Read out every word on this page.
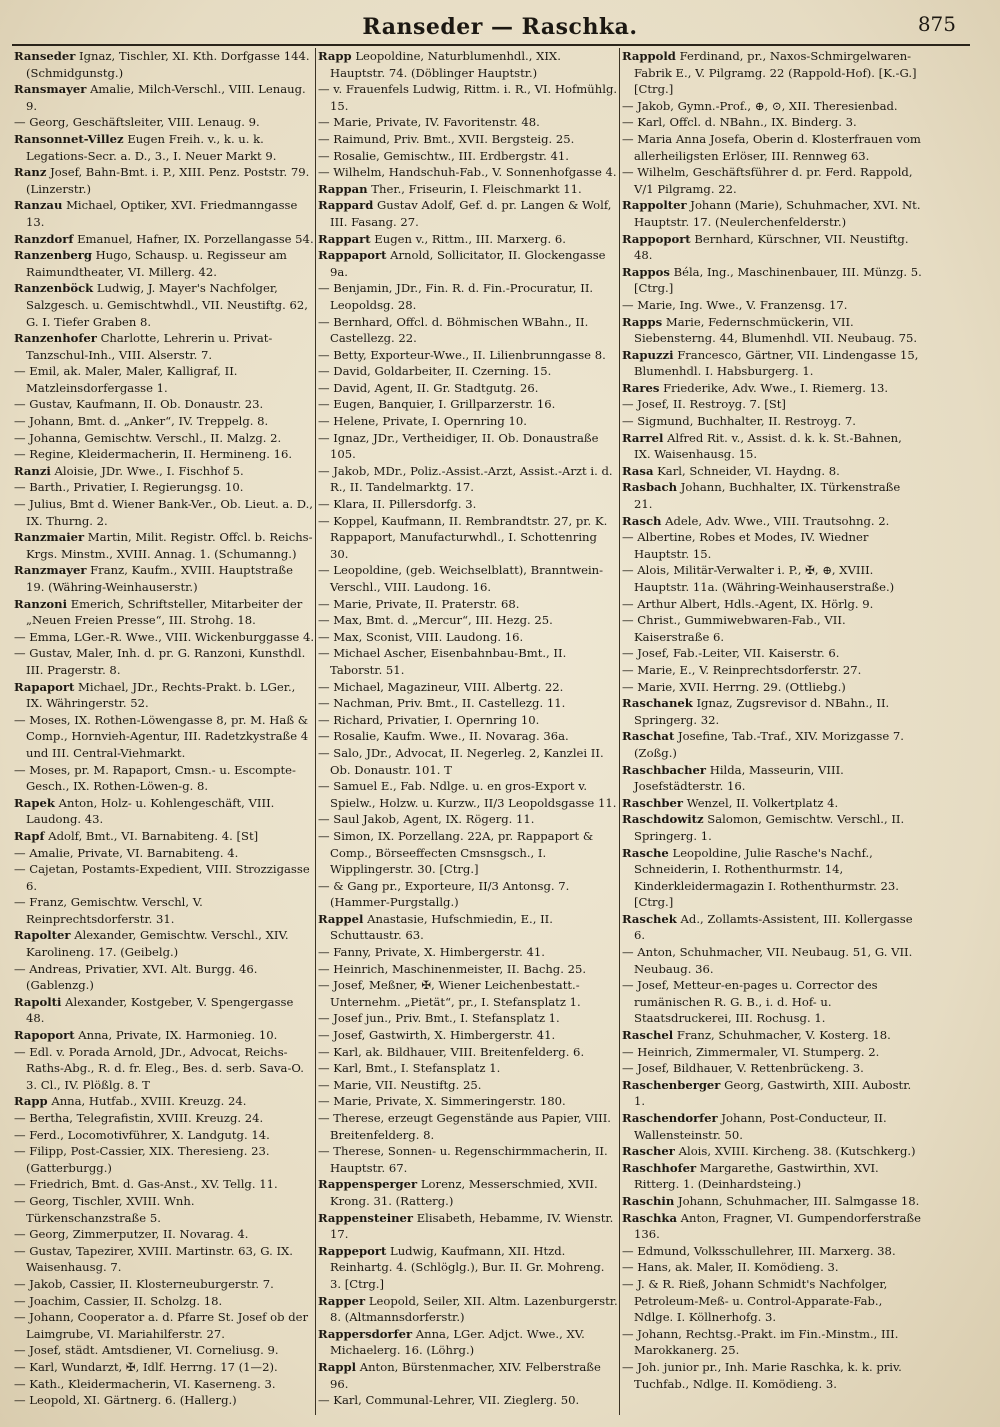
Ranseder — Raschka.	875
Ranseder Ignaz, Tischler, XI. Kth. Dorfgasse 144. (Schmidgunstg.)
Ransmayer Amalie, Milch-Verschl., VIII. Lenaug. 9.
— Georg, Geschäftsleiter, VIII. Lenaug. 9.
Ransonnet-Villez Eugen Freih. v., k. u. k. Legations-Secr. a. D., 3., I. Neuer Markt 9.
Ranz Josef, Bahn-Bmt. i. P., XIII. Penz. Poststr. 79. (Linzerstr.)
Ranzau Michael, Optiker, XVI. Friedmanngasse 13.
Ranzdorf Emanuel, Hafner, IX. Porzellangasse 54.
Ranzenberg Hugo, Schausp. u. Regisseur am Raimundtheater, VI. Millerg. 42.
Ranzenböck Ludwig, J. Mayer's Nachfolger, Salzgesch. u. Gemischtwhdl., VII. Neustiftg. 62, G. I. Tiefer Graben 8.
Ranzenhofer Charlotte, Lehrerin u. Privat-Tanzschul-Inh., VIII. Alserstr. 7.
— Emil, ak. Maler, Maler, Kalligraf, II. Matzleinsdorfergasse 1.
— Gustav, Kaufmann, II. Ob. Donaustr. 23.
— Johann, Bmt. d. „Anker“, IV. Treppelg. 8.
— Johanna, Gemischtw. Verschl., II. Malzg. 2.
— Regine, Kleidermacherin, II. Hermineng. 16.
Ranzi Aloisie, JDr. Wwe., I. Fischhof 5.
— Barth., Privatier, I. Regierungsg. 10.
— Julius, Bmt d. Wiener Bank-Ver., Ob. Lieut. a. D., IX. Thurng. 2.
Ranzmaier Martin, Milit. Registr. Offcl. b. Reichs-Krgs. Minstm., XVIII. Annag. 1. (Schumanng.)
Ranzmayer Franz, Kaufm., XVIII. Hauptstraße 19. (Währing-Weinhauserstr.)
Ranzoni Emerich, Schriftsteller, Mitarbeiter der „Neuen Freien Presse“, III. Strohg. 18.
— Emma, LGer.-R. Wwe., VIII. Wickenburggasse 4.
— Gustav, Maler, Inh. d. pr. G. Ranzoni, Kunsthdl. III. Pragerstr. 8.
Rapaport Michael, JDr., Rechts-Prakt. b. LGer., IX. Währingerstr. 52.
— Moses, IX. Rothen-Löwengasse 8, pr. M. Haß & Comp., Hornvieh-Agentur, III. Radetzkystraße 4 und III. Central-Viehmarkt.
— Moses, pr. M. Rapaport, Cmsn.- u. Escompte-Gesch., IX. Rothen-Löwen-g. 8.
Rapek Anton, Holz- u. Kohlengeschäft, VIII. Laudong. 43.
Rapf Adolf, Bmt., VI. Barnabiteng. 4. [St]
— Amalie, Private, VI. Barnabiteng. 4.
— Cajetan, Postamts-Expedient, VIII. Strozzigasse 6.
— Franz, Gemischtw. Verschl, V. Reinprechtsdorferstr. 31.
Rapolter Alexander, Gemischtw. Verschl., XIV. Karolineng. 17. (Geibelg.)
— Andreas, Privatier, XVI. Alt. Burgg. 46. (Gablenzg.)
Rapolti Alexander, Kostgeber, V. Spengergasse 48.
Rapoport Anna, Private, IX. Harmonieg. 10.
— Edl. v. Porada Arnold, JDr., Advocat, Reichs-Raths-Abg., R. d. fr. Eleg., Bes. d. serb. Sava-O. 3. Cl., IV. Plößlg. 8. T
Rapp Anna, Hutfab., XVIII. Kreuzg. 24.
— Bertha, Telegrafistin, XVIII. Kreuzg. 24.
— Ferd., Locomotivführer, X. Landgutg. 14.
— Filipp, Post-Cassier, XIX. Theresieng. 23. (Gatterburgg.)
— Friedrich, Bmt. d. Gas-Anst., XV. Tellg. 11.
— Georg, Tischler, XVIII. Wnh. Türkenschanzstraße 5.
— Georg, Zimmerputzer, II. Novarag. 4.
— Gustav, Tapezirer, XVIII. Martinstr. 63, G. IX. Waisenhausg. 7.
— Jakob, Cassier, II. Klosterneuburgerstr. 7.
— Joachim, Cassier, II. Scholzg. 18.
— Johann, Cooperator a. d. Pfarre St. Josef ob der Laimgrube, VI. Mariahilferstr. 27.
— Josef, städt. Amtsdiener, VI. Corneliusg. 9.
— Karl, Wundarzt, ✠, Idlf. Herrng. 17 (1—2).
— Kath., Kleidermacherin, VI. Kaserneng. 3.
— Leopold, XI. Gärtnerg. 6. (Hallerg.)
Rapp Leopoldine, Naturblumenhdl., XIX. Hauptstr. 74. (Döblinger Hauptstr.)
— v. Frauenfels Ludwig, Rittm. i. R., VI. Hofmühlg. 15.
— Marie, Private, IV. Favoritenstr. 48.
— Raimund, Priv. Bmt., XVII. Bergsteig. 25.
— Rosalie, Gemischtw., III. Erdbergstr. 41.
— Wilhelm, Handschuh-Fab., V. Sonnenhofgasse 4.
Rappan Ther., Friseurin, I. Fleischmarkt 11.
Rappard Gustav Adolf, Gef. d. pr. Langen & Wolf, III. Fasang. 27.
Rappart Eugen v., Rittm., III. Marxerg. 6.
Rappaport Arnold, Sollicitator, II. Glockengasse 9a.
— Benjamin, JDr., Fin. R. d. Fin.-Procuratur, II. Leopoldsg. 28.
— Bernhard, Offcl. d. Böhmischen WBahn., II. Castellezg. 22.
— Betty, Exporteur-Wwe., II. Lilienbrunngasse 8.
— David, Goldarbeiter, II. Czerning. 15.
— David, Agent, II. Gr. Stadtgutg. 26.
— Eugen, Banquier, I. Grillparzerstr. 16.
— Helene, Private, I. Opernring 10.
— Ignaz, JDr., Vertheidiger, II. Ob. Donaustraße 105.
— Jakob, MDr., Poliz.-Assist.-Arzt, Assist.-Arzt i. d. R., II. Tandelmarktg. 17.
— Klara, II. Pillersdorfg. 3.
— Koppel, Kaufmann, II. Rembrandtstr. 27, pr. K. Rappaport, Manufacturwhdl., I. Schottenring 30.
— Leopoldine, (geb. Weichselblatt), Branntwein-Verschl., VIII. Laudong. 16.
— Marie, Private, II. Praterstr. 68.
— Max, Bmt. d. „Mercur“, III. Hezg. 25.
— Max, Sconist, VIII. Laudong. 16.
— Michael Ascher, Eisenbahnbau-Bmt., II. Taborstr. 51.
— Michael, Magazineur, VIII. Albertg. 22.
— Nachman, Priv. Bmt., II. Castellezg. 11.
— Richard, Privatier, I. Opernring 10.
— Rosalie, Kaufm. Wwe., II. Novarag. 36a.
— Salo, JDr., Advocat, II. Negerleg. 2, Kanzlei II. Ob. Donaustr. 101. T
— Samuel E., Fab. Ndlge. u. en gros-Export v. Spielw., Holzw. u. Kurzw., II/3 Leopoldsgasse 11.
— Saul Jakob, Agent, IX. Rögerg. 11.
— Simon, IX. Porzellang. 22A, pr. Rappaport & Comp., Börseeffecten Cmsnsgsch., I. Wipplingerstr. 30. [Ctrg.]
— & Gang pr., Exporteure, II/3 Antonsg. 7. (Hammer-Purgstallg.)
Rappel Anastasie, Hufschmiedin, E., II. Schuttaustr. 63.
— Fanny, Private, X. Himbergerstr. 41.
— Heinrich, Maschinenmeister, II. Bachg. 25.
— Josef, Meßner, ✠, Wiener Leichenbestatt.-Unternehm. „Pietät“, pr., I. Stefansplatz 1.
— Josef jun., Priv. Bmt., I. Stefansplatz 1.
— Josef, Gastwirth, X. Himbergerstr. 41.
— Karl, ak. Bildhauer, VIII. Breitenfelderg. 6.
— Karl, Bmt., I. Stefansplatz 1.
— Marie, VII. Neustiftg. 25.
— Marie, Private, X. Simmeringerstr. 180.
— Therese, erzeugt Gegenstände aus Papier, VIII. Breitenfelderg. 8.
— Therese, Sonnen- u. Regenschirmmacherin, II. Hauptstr. 67.
Rappensperger Lorenz, Messerschmied, XVII. Krong. 31. (Ratterg.)
Rappensteiner Elisabeth, Hebamme, IV. Wienstr. 17.
Rappeport Ludwig, Kaufmann, XII. Htzd. Reinhartg. 4. (Schlöglg.), Bur. II. Gr. Mohreng. 3. [Ctrg.]
Rapper Leopold, Seiler, XII. Altm. Lazenburgerstr. 8. (Altmannsdorferstr.)
Rappersdorfer Anna, LGer. Adjct. Wwe., XV. Michaelerg. 16. (Löhrg.)
Rappl Anton, Bürstenmacher, XIV. Felberstraße 96.
— Karl, Communal-Lehrer, VII. Zieglerg. 50.
Rappold Ferdinand, pr., Naxos-Schmirgelwaren-Fabrik E., V. Pilgramg. 22 (Rappold-Hof). [K.-G.] [Ctrg.]
— Jakob, Gymn.-Prof., ⊕, ⊙, XII. Theresienbad.
— Karl, Offcl. d. NBahn., IX. Binderg. 3.
— Maria Anna Josefa, Oberin d. Klosterfrauen vom allerheiligsten Erlöser, III. Rennweg 63.
— Wilhelm, Geschäftsführer d. pr. Ferd. Rappold, V/1 Pilgramg. 22.
Rappolter Johann (Marie), Schuhmacher, XVI. Nt. Hauptstr. 17. (Neulerchenfelderstr.)
Rappoport Bernhard, Kürschner, VII. Neustiftg. 48.
Rappos Béla, Ing., Maschinenbauer, III. Münzg. 5. [Ctrg.]
— Marie, Ing. Wwe., V. Franzensg. 17.
Rapps Marie, Federnschmückerin, VII. Siebensterng. 44, Blumenhdl. VII. Neubaug. 75.
Rapuzzi Francesco, Gärtner, VII. Lindengasse 15, Blumenhdl. I. Habsburgerg. 1.
Rares Friederike, Adv. Wwe., I. Riemerg. 13.
— Josef, II. Restroyg. 7. [St]
— Sigmund, Buchhalter, II. Restroyg. 7.
Rarrel Alfred Rit. v., Assist. d. k. k. St.-Bahnen, IX. Waisenhausg. 15.
Rasa Karl, Schneider, VI. Haydng. 8.
Rasbach Johann, Buchhalter, IX. Türkenstraße 21.
Rasch Adele, Adv. Wwe., VIII. Trautsohng. 2.
— Albertine, Robes et Modes, IV. Wiedner Hauptstr. 15.
— Alois, Militär-Verwalter i. P., ✠, ⊕, XVIII. Hauptstr. 11a. (Währing-Weinhauserstraße.)
— Arthur Albert, Hdls.-Agent, IX. Hörlg. 9.
— Christ., Gummiwebwaren-Fab., VII. Kaiserstraße 6.
— Josef, Fab.-Leiter, VII. Kaiserstr. 6.
— Marie, E., V. Reinprechtsdorferstr. 27.
— Marie, XVII. Herrng. 29. (Ottliebg.)
Raschanek Ignaz, Zugsrevisor d. NBahn., II. Springerg. 32.
Raschat Josefine, Tab.-Traf., XIV. Morizgasse 7. (Zoßg.)
Raschbacher Hilda, Masseurin, VIII. Josefstädterstr. 16.
Raschber Wenzel, II. Volkertplatz 4.
Raschdowitz Salomon, Gemischtw. Verschl., II. Springerg. 1.
Rasche Leopoldine, Julie Rasche's Nachf., Schneiderin, I. Rothenthurmstr. 14, Kinderkleidermagazin I. Rothenthurmstr. 23. [Ctrg.]
Raschek Ad., Zollamts-Assistent, III. Kollergasse 6.
— Anton, Schuhmacher, VII. Neubaug. 51, G. VII. Neubaug. 36.
— Josef, Metteur-en-pages u. Corrector des rumänischen R. G. B., i. d. Hof- u. Staatsdruckerei, III. Rochusg. 1.
Raschel Franz, Schuhmacher, V. Kosterg. 18.
— Heinrich, Zimmermaler, VI. Stumperg. 2.
— Josef, Bildhauer, V. Rettenbrückeng. 3.
Raschenberger Georg, Gastwirth, XIII. Aubostr. 1.
Raschendorfer Johann, Post-Conducteur, II. Wallensteinstr. 50.
Rascher Alois, XVIII. Kircheng. 38. (Kutschkerg.)
Raschhofer Margarethe, Gastwirthin, XVI. Ritterg. 1. (Deinhardsteing.)
Raschin Johann, Schuhmacher, III. Salmgasse 18.
Raschka Anton, Fragner, VI. Gumpendorferstraße 136.
— Edmund, Volksschullehrer, III. Marxerg. 38.
— Hans, ak. Maler, II. Komödieng. 3.
— J. & R. Rieß, Johann Schmidt's Nachfolger, Petroleum-Meß- u. Control-Apparate-Fab., Ndlge. I. Köllnerhofg. 3.
— Johann, Rechtsg.-Prakt. im Fin.-Minstm., III. Marokkanerg. 25.
— Joh. junior pr., Inh. Marie Raschka, k. k. priv. Tuchfab., Ndlge. II. Komödieng. 3.
